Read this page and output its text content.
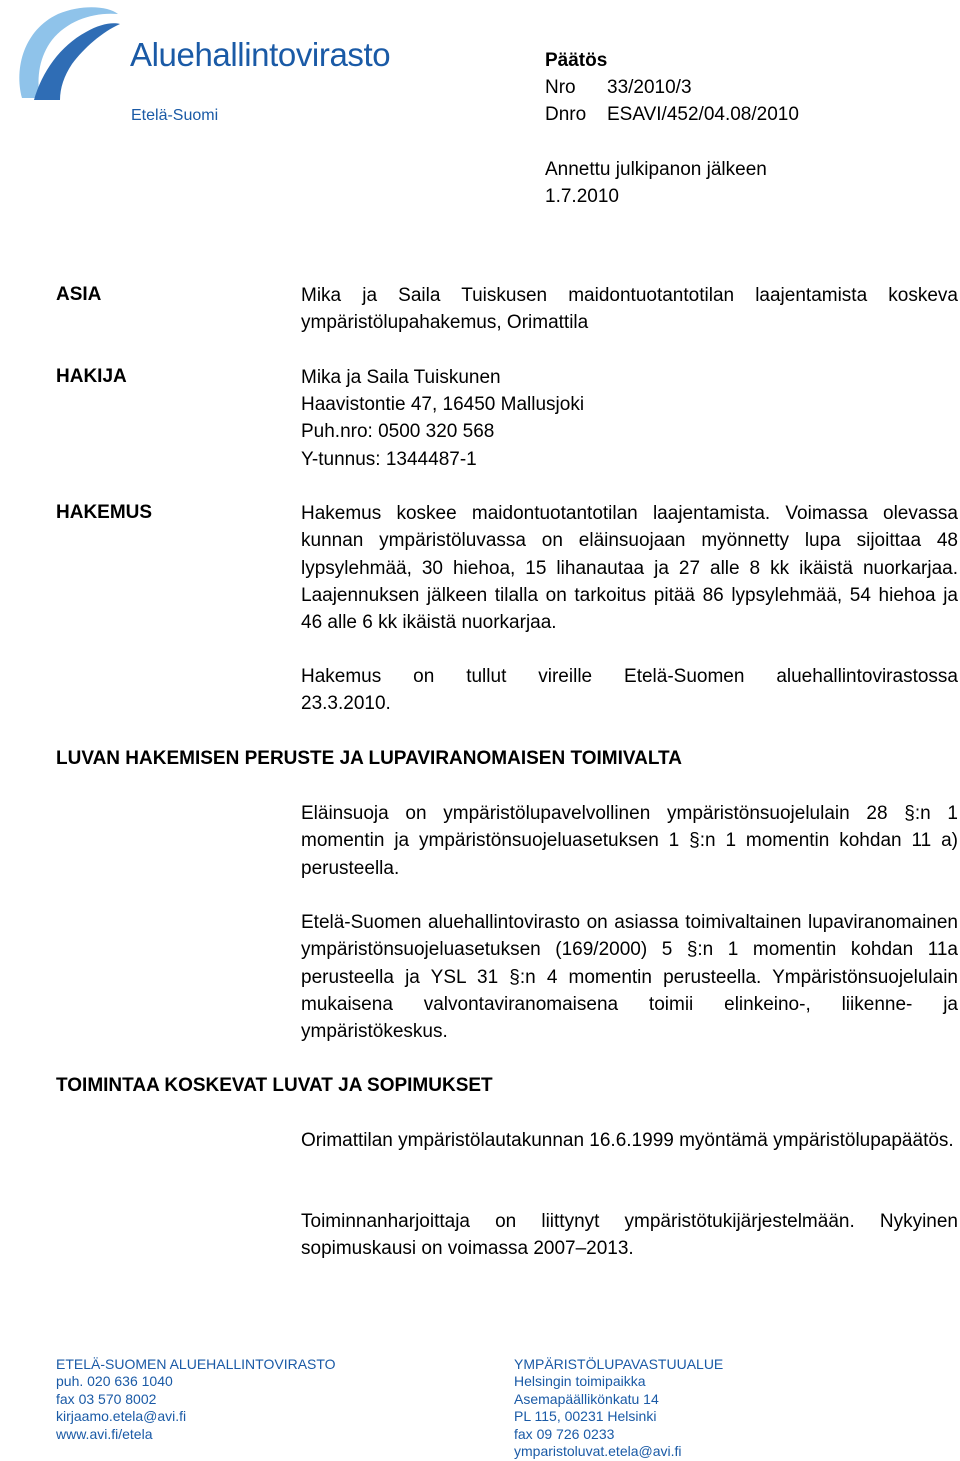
Aluehallintovirasto
Etelä-Suomi
Päätös
Nro 33/2010/3
Dnro ESAVI/452/04.08/2010
Annettu julkipanon jälkeen
1.7.2010
ASIA	Mika ja Saila Tuiskusen maidontuotantotilan laajentamista koskeva ympäristölupahakemus, Orimattila
HAKIJA	Mika ja Saila Tuiskunen
Haavistontie 47, 16450 Mallusjoki
Puh.nro: 0500 320 568
Y-tunnus: 1344487-1
HAKEMUS	Hakemus koskee maidontuotantotilan laajentamista. Voimassa olevassa kunnan ympäristöluvassa on eläinsuojaan myönnetty lupa sijoittaa 48 lypsylehmää, 30 hiehoa, 15 lihanautaa ja 27 alle 8 kk ikäistä nuorkarjaa. Laajennuksen jälkeen tilalla on tarkoitus pitää 86 lypsylehmää, 54 hiehoa ja 46 alle 6 kk ikäistä nuorkarjaa.
Hakemus on tullut vireille Etelä-Suomen aluehallintovirastossa 23.3.2010.
LUVAN HAKEMISEN PERUSTE JA LUPAVIRANOMAISEN TOIMIVALTA
Eläinsuoja on ympäristölupavelvollinen ympäristönsuojelulain 28 §:n 1 momentin ja ympäristönsuojeluasetuksen 1 §:n 1 momentin kohdan 11 a) perusteella.
Etelä-Suomen aluehallintovirasto on asiassa toimivaltainen lupaviranomainen ympäristönsuojeluasetuksen (169/2000) 5 §:n 1 momentin kohdan 11a perusteella ja YSL 31 §:n 4 momentin perusteella. Ympäristönsuojelulain mukaisena valvontaviranomaisena toimii elinkeino-, liikenne- ja ympäristökeskus.
TOIMINTAA KOSKEVAT LUVAT JA SOPIMUKSET
Orimattilan ympäristölautakunnan 16.6.1999 myöntämä ympäristölupapäätös.
Toiminnanharjoittaja on liittynyt ympäristötukijärjestelmään. Nykyinen sopimuskausi on voimassa 2007–2013.
ETELÄ-SUOMEN ALUEHALLINTOVIRASTO
puh. 020 636 1040
fax 03 570 8002
kirjaamo.etela@avi.fi
www.avi.fi/etela
YMPÄRISTÖLUPAVASTUUALUE
Helsingin toimipaikka
Asemapäällikönkatu 14
PL 115, 00231 Helsinki
fax 09 726 0233
ymparistoluvat.etela@avi.fi
